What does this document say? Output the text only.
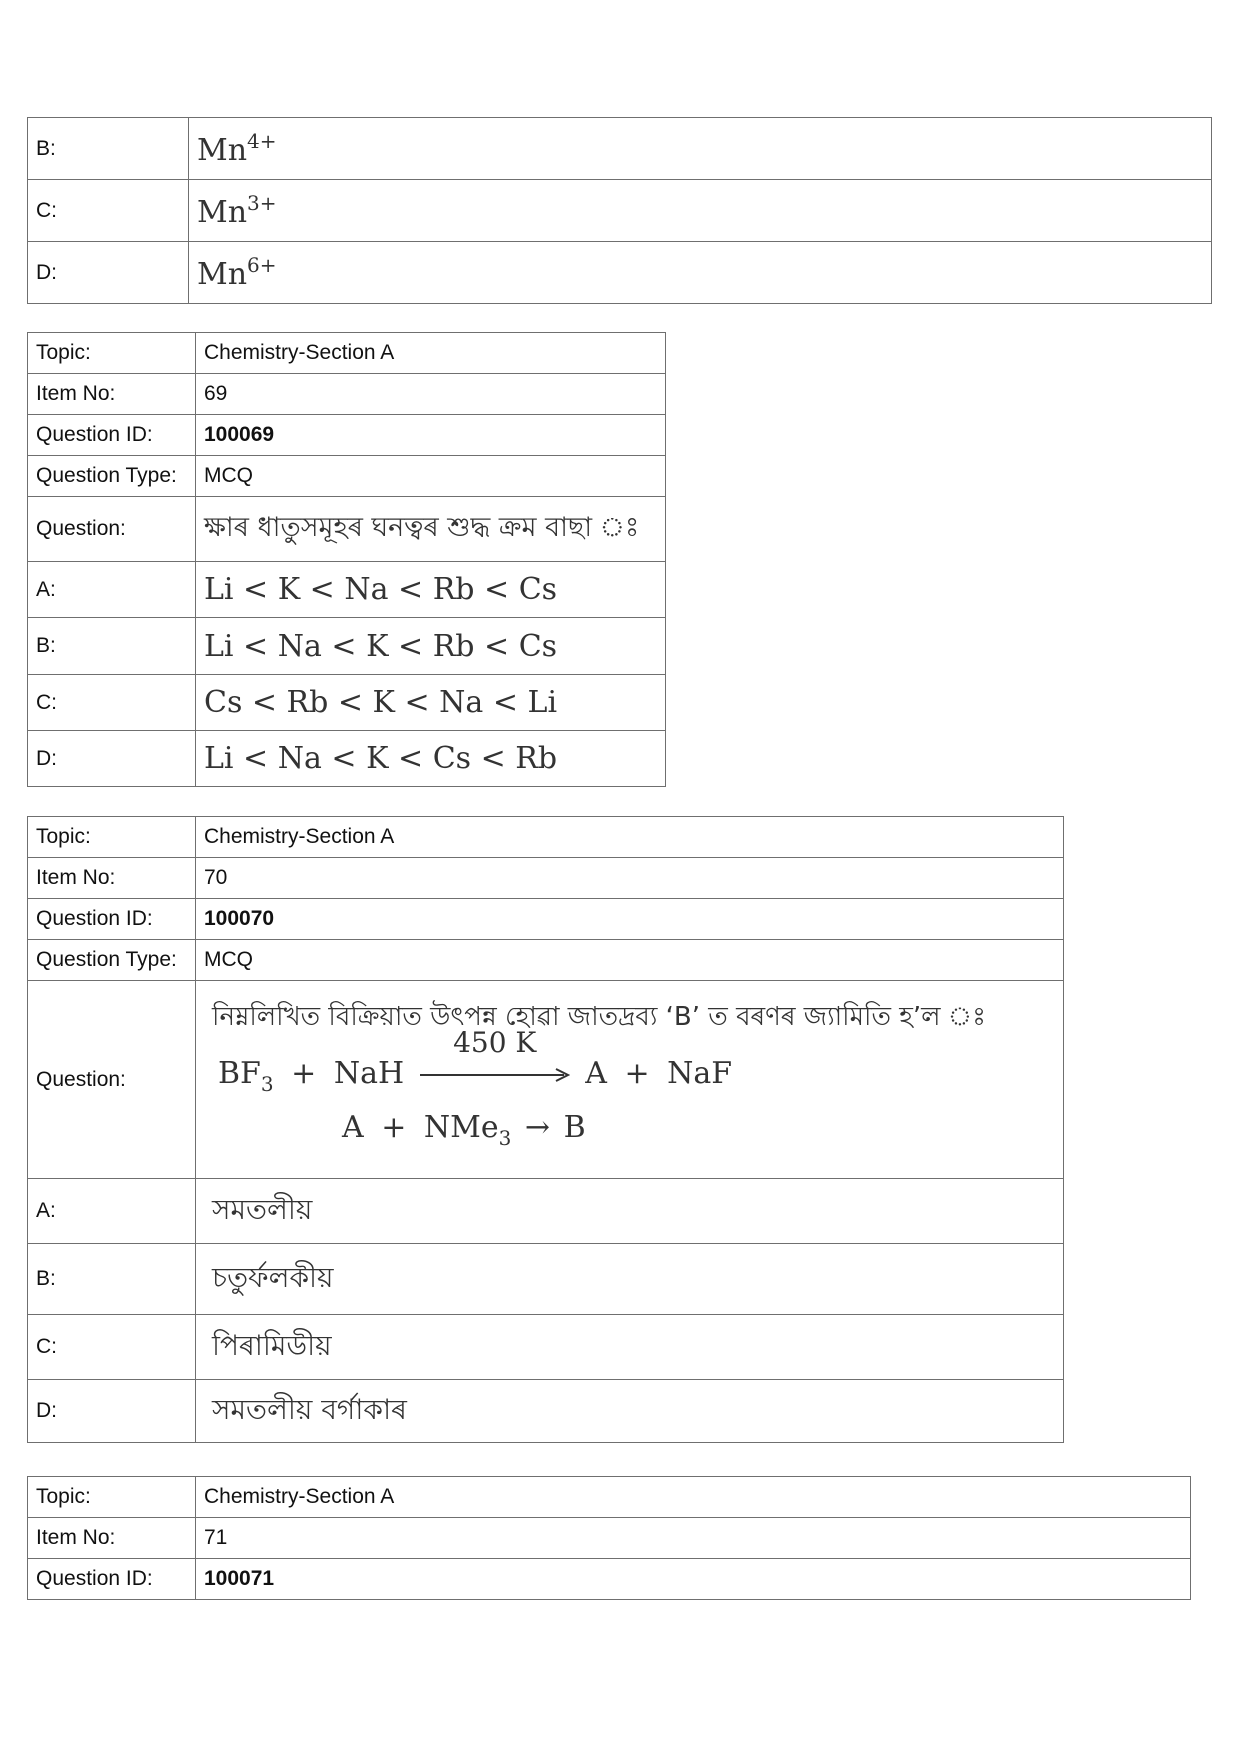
B:	$Mn^{4+}$
C:	$Mn^{3+}$
D:	$Mn^{6+}$
Topic:	Chemistry-Section A
Item No:	69
Question ID:	100069
Question Type:	MCQ
Question:	ক্ষাৰ ধাতুসমূহৰ ঘনত্বৰ শুদ্ধ ক্ৰম বাছা ঃ
A:	Li < K < Na < Rb < Cs
B:	Li < Na < K < Rb < Cs
C:	Cs < Rb < K < Na < Li
D:	Li < Na < K < Cs < Rb
Topic:	Chemistry-Section A
Item No:	70
Question ID:	100070
Question Type:	MCQ
Question:	নিম্নলিখিত বিক্ৰিয়াত উৎপন্ন হোৱা জাতদ্ৰব্য ‘B’ ত বৰণৰ জ্যামিতি হ’ল ঃ
$BF_3$ + NaH
450 K
A + NaF
A + NMe$_3$ → B

A:	সমতলীয়
B:	চতুৰ্ফলকীয়
C:	পিৰামিডীয়
D:	সমতলীয় বৰ্গাকাৰ
Topic:	Chemistry-Section A
Item No:	71
Question ID:	100071
